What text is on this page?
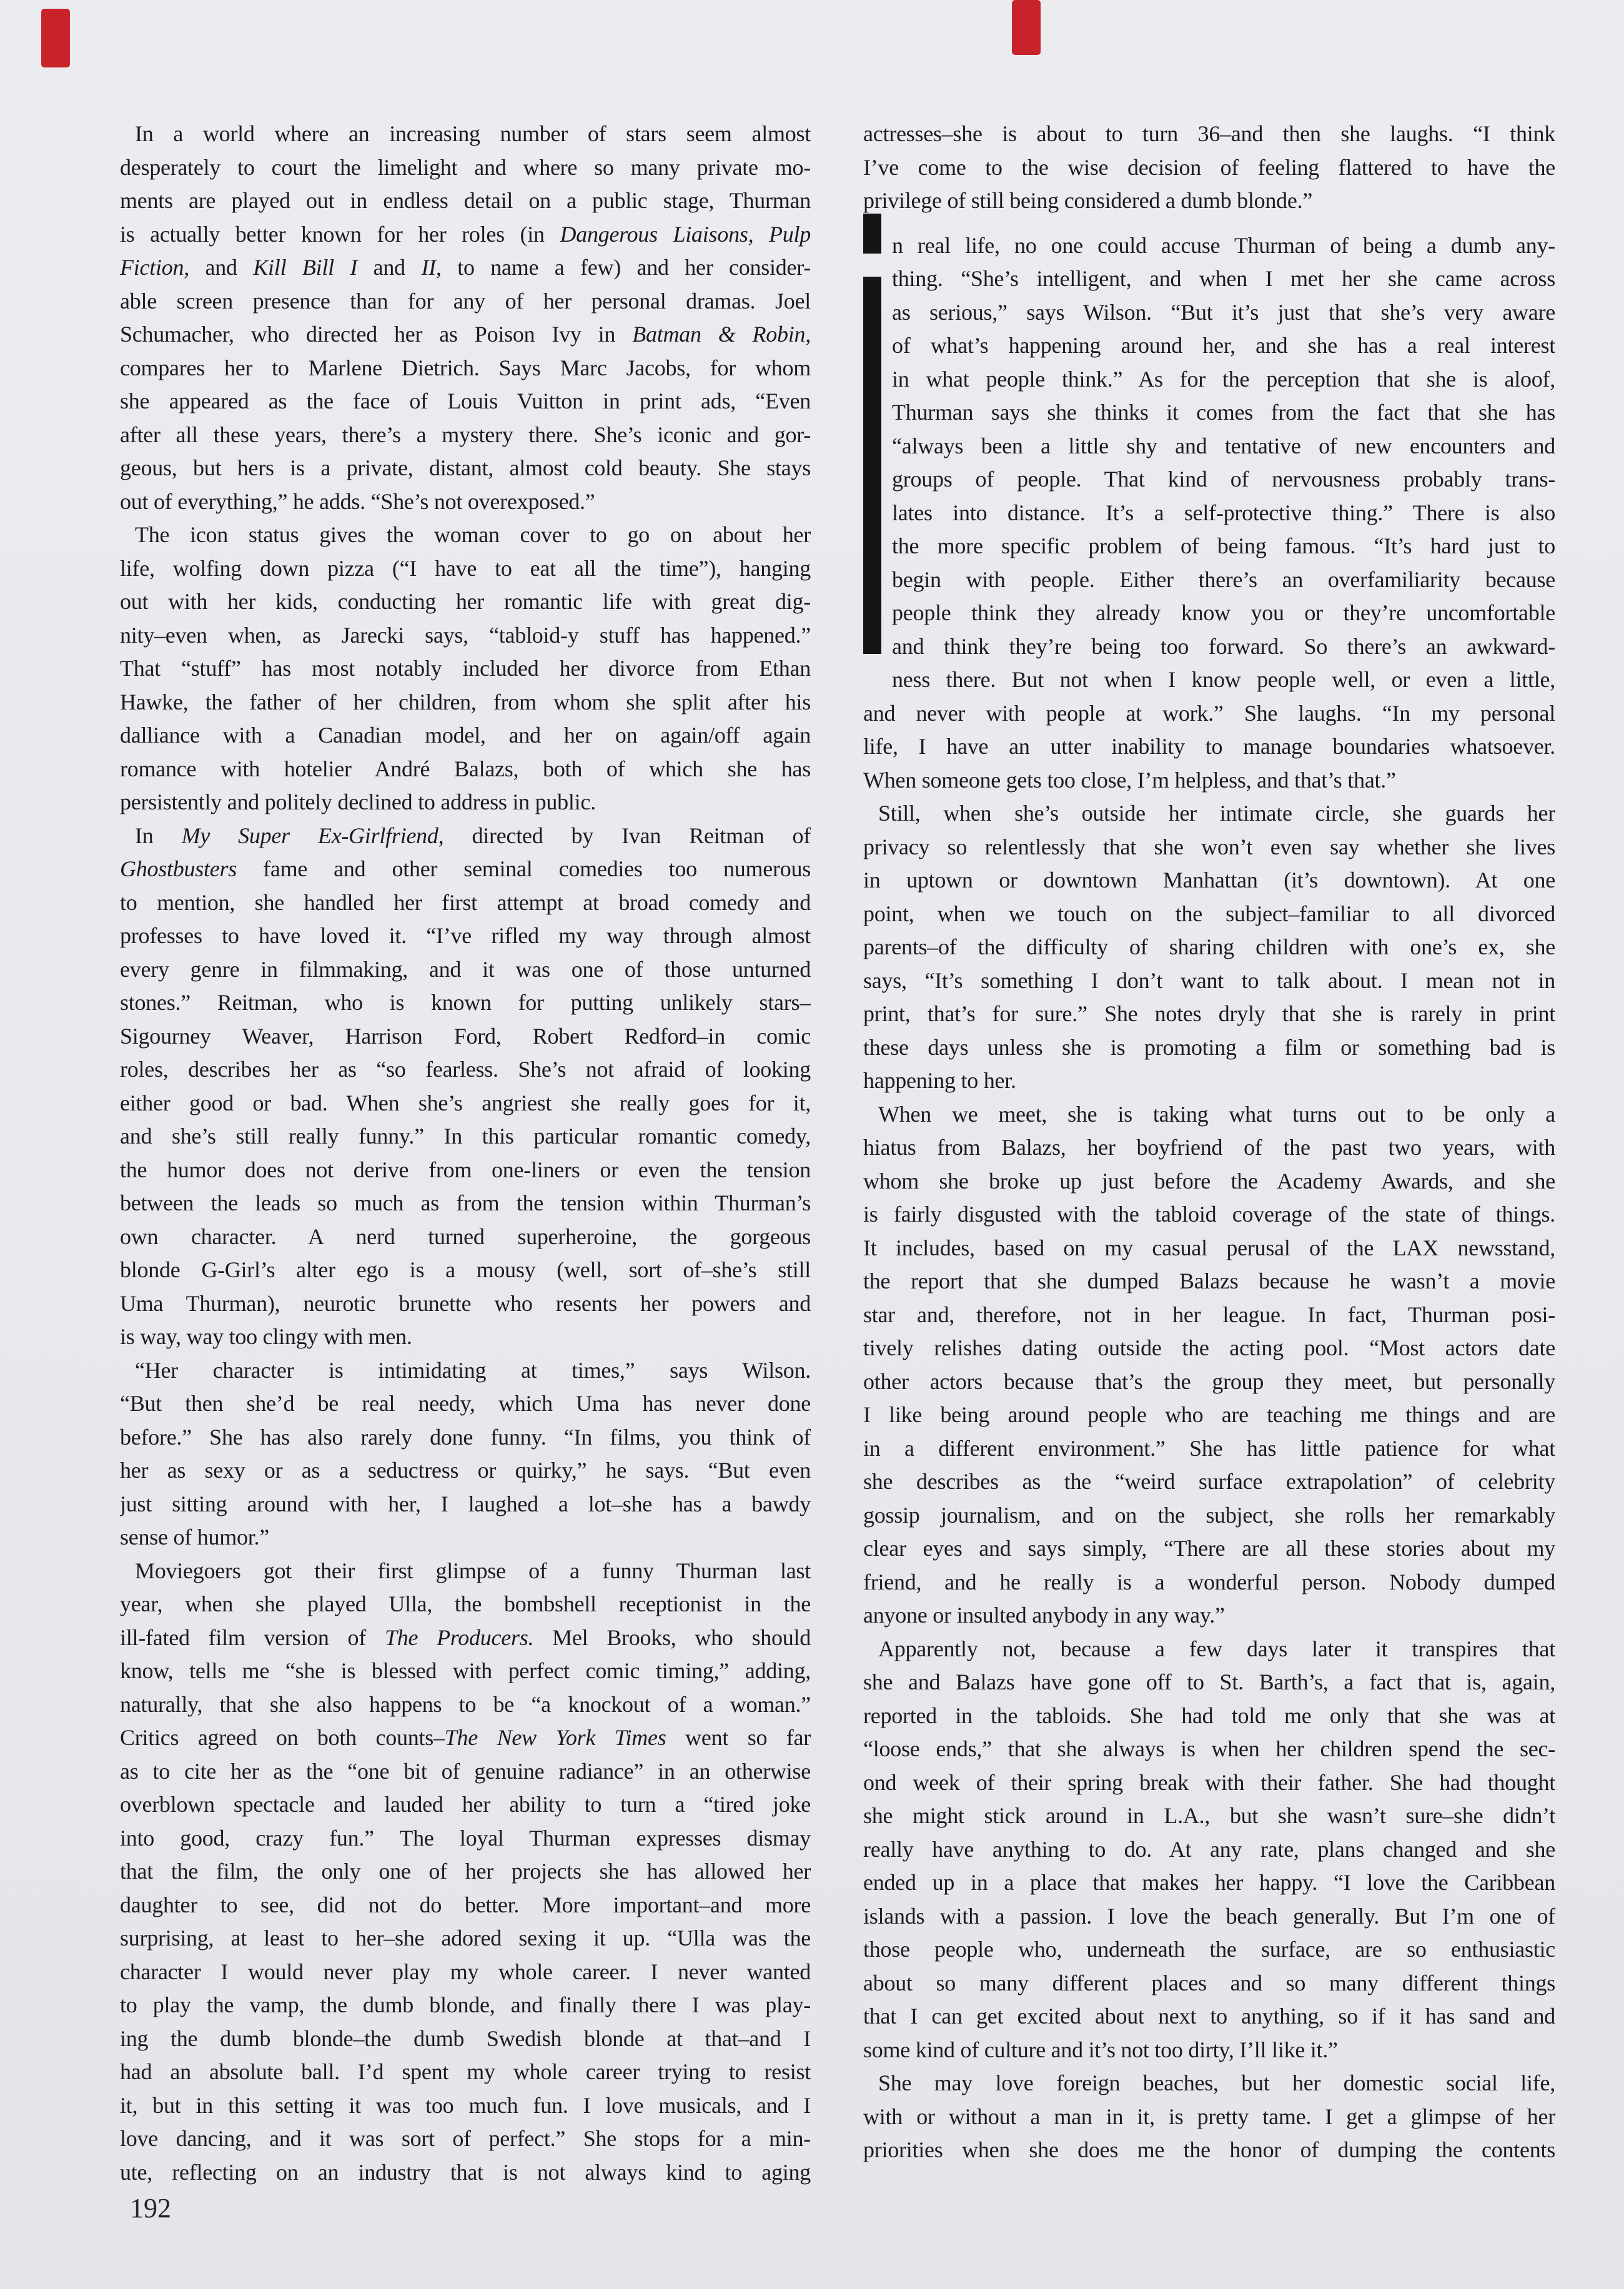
In a world where an increasing number of stars seem almost
desperately to court the limelight and where so many private mo-
ments are played out in endless detail on a public stage, Thurman
is actually better known for her roles (in Dangerous Liaisons, Pulp
Fiction, and Kill Bill I and II, to name a few) and her consider-
able screen presence than for any of her personal dramas. Joel
Schumacher, who directed her as Poison Ivy in Batman & Robin,
compares her to Marlene Dietrich. Says Marc Jacobs, for whom
she appeared as the face of Louis Vuitton in print ads, “Even
after all these years, there’s a mystery there. She’s iconic and gor-
geous, but hers is a private, distant, almost cold beauty. She stays
out of everything,” he adds. “She’s not overexposed.”
The icon status gives the woman cover to go on about her
life, wolfing down pizza (“I have to eat all the time”), hanging
out with her kids, conducting her romantic life with great dig-
nity–even when, as Jarecki says, “tabloid-y stuff has happened.”
That “stuff” has most notably included her divorce from Ethan
Hawke, the father of her children, from whom she split after his
dalliance with a Canadian model, and her on again/off again
romance with hotelier André Balazs, both of which she has
persistently and politely declined to address in public.
In My Super Ex-Girlfriend, directed by Ivan Reitman of
Ghostbusters fame and other seminal comedies too numerous
to mention, she handled her first attempt at broad comedy and
professes to have loved it. “I’ve rifled my way through almost
every genre in filmmaking, and it was one of those unturned
stones.” Reitman, who is known for putting unlikely stars–
Sigourney Weaver, Harrison Ford, Robert Redford–in comic
roles, describes her as “so fearless. She’s not afraid of looking
either good or bad. When she’s angriest she really goes for it,
and she’s still really funny.” In this particular romantic comedy,
the humor does not derive from one-liners or even the tension
between the leads so much as from the tension within Thurman’s
own character. A nerd turned superheroine, the gorgeous
blonde G-Girl’s alter ego is a mousy (well, sort of–she’s still
Uma Thurman), neurotic brunette who resents her powers and
is way, way too clingy with men.
“Her character is intimidating at times,” says Wilson.
“But then she’d be real needy, which Uma has never done
before.” She has also rarely done funny. “In films, you think of
her as sexy or as a seductress or quirky,” he says. “But even
just sitting around with her, I laughed a lot–she has a bawdy
sense of humor.”
Moviegoers got their first glimpse of a funny Thurman last
year, when she played Ulla, the bombshell receptionist in the
ill-fated film version of The Producers. Mel Brooks, who should
know, tells me “she is blessed with perfect comic timing,” adding,
naturally, that she also happens to be “a knockout of a woman.”
Critics agreed on both counts–The New York Times went so far
as to cite her as the “one bit of genuine radiance” in an otherwise
overblown spectacle and lauded her ability to turn a “tired joke
into good, crazy fun.” The loyal Thurman expresses dismay
that the film, the only one of her projects she has allowed her
daughter to see, did not do better. More important–and more
surprising, at least to her–she adored sexing it up. “Ulla was the
character I would never play my whole career. I never wanted
to play the vamp, the dumb blonde, and finally there I was play-
ing the dumb blonde–the dumb Swedish blonde at that–and I
had an absolute ball. I’d spent my whole career trying to resist
it, but in this setting it was too much fun. I love musicals, and I
love dancing, and it was sort of perfect.” She stops for a min-
ute, reflecting on an industry that is not always kind to aging
actresses–she is about to turn 36–and then she laughs. “I think
I’ve come to the wise decision of feeling flattered to have the
privilege of still being considered a dumb blonde.”
n real life, no one could accuse Thurman of being a dumb any-
thing. “She’s intelligent, and when I met her she came across
as serious,” says Wilson. “But it’s just that she’s very aware
of what’s happening around her, and she has a real interest
in what people think.” As for the perception that she is aloof,
Thurman says she thinks it comes from the fact that she has
“always been a little shy and tentative of new encounters and
groups of people. That kind of nervousness probably trans-
lates into distance. It’s a self-protective thing.” There is also
the more specific problem of being famous. “It’s hard just to
begin with people. Either there’s an overfamiliarity because
people think they already know you or they’re uncomfortable
and think they’re being too forward. So there’s an awkward-
ness there. But not when I know people well, or even a little,
and never with people at work.” She laughs. “In my personal
life, I have an utter inability to manage boundaries whatsoever.
When someone gets too close, I’m helpless, and that’s that.”
Still, when she’s outside her intimate circle, she guards her
privacy so relentlessly that she won’t even say whether she lives
in uptown or downtown Manhattan (it’s downtown). At one
point, when we touch on the subject–familiar to all divorced
parents–of the difficulty of sharing children with one’s ex, she
says, “It’s something I don’t want to talk about. I mean not in
print, that’s for sure.” She notes dryly that she is rarely in print
these days unless she is promoting a film or something bad is
happening to her.
When we meet, she is taking what turns out to be only a
hiatus from Balazs, her boyfriend of the past two years, with
whom she broke up just before the Academy Awards, and she
is fairly disgusted with the tabloid coverage of the state of things.
It includes, based on my casual perusal of the LAX newsstand,
the report that she dumped Balazs because he wasn’t a movie
star and, therefore, not in her league. In fact, Thurman posi-
tively relishes dating outside the acting pool. “Most actors date
other actors because that’s the group they meet, but personally
I like being around people who are teaching me things and are
in a different environment.” She has little patience for what
she describes as the “weird surface extrapolation” of celebrity
gossip journalism, and on the subject, she rolls her remarkably
clear eyes and says simply, “There are all these stories about my
friend, and he really is a wonderful person. Nobody dumped
anyone or insulted anybody in any way.”
Apparently not, because a few days later it transpires that
she and Balazs have gone off to St. Barth’s, a fact that is, again,
reported in the tabloids. She had told me only that she was at
“loose ends,” that she always is when her children spend the sec-
ond week of their spring break with their father. She had thought
she might stick around in L.A., but she wasn’t sure–she didn’t
really have anything to do. At any rate, plans changed and she
ended up in a place that makes her happy. “I love the Caribbean
islands with a passion. I love the beach generally. But I’m one of
those people who, underneath the surface, are so enthusiastic
about so many different places and so many different things
that I can get excited about next to anything, so if it has sand and
some kind of culture and it’s not too dirty, I’ll like it.”
She may love foreign beaches, but her domestic social life,
with or without a man in it, is pretty tame. I get a glimpse of her
priorities when she does me the honor of dumping the contents
192
